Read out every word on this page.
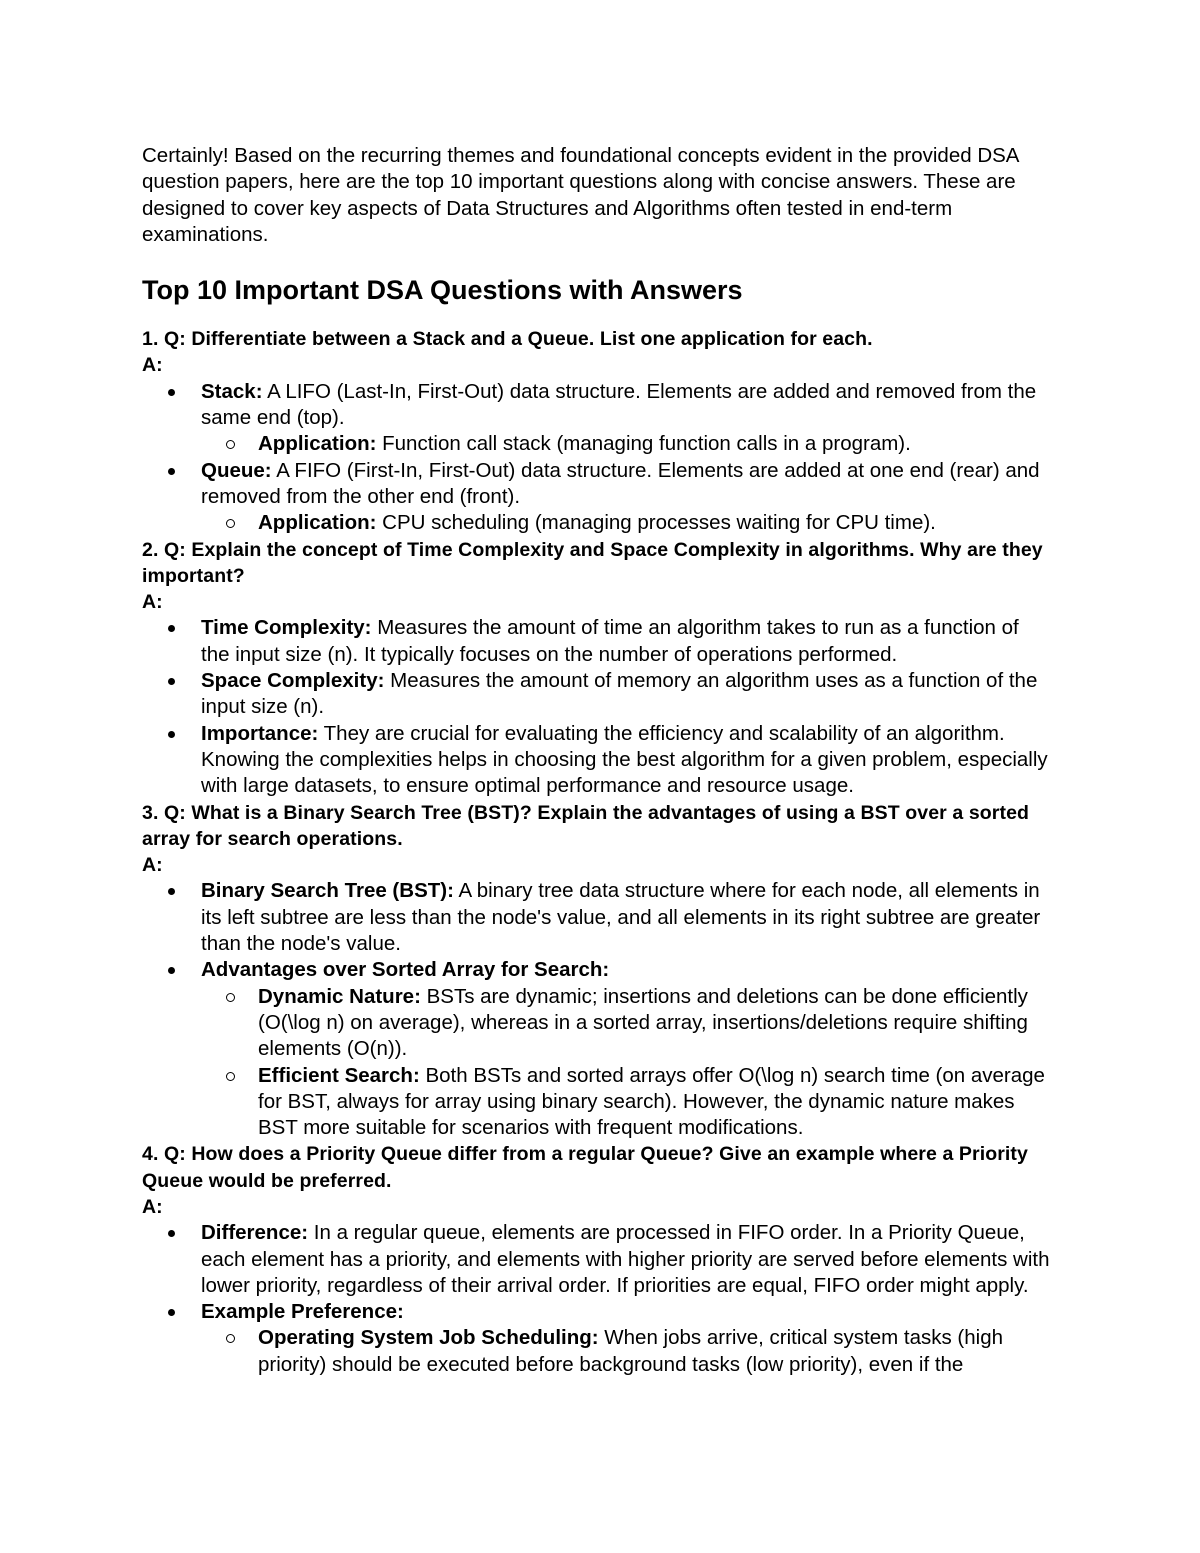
Certainly! Based on the recurring themes and foundational concepts evident in the provided DSA question papers, here are the top 10 important questions along with concise answers. These are designed to cover key aspects of Data Structures and Algorithms often tested in end-term examinations.

Top 10 Important DSA Questions with Answers

1. Q: Differentiate between a Stack and a Queue. List one application for each.

A:

Stack: A LIFO (Last-In, First-Out) data structure. Elements are added and removed from the same end (top).
Application: Function call stack (managing function calls in a program).
Queue: A FIFO (First-In, First-Out) data structure. Elements are added at one end (rear) and removed from the other end (front).
Application: CPU scheduling (managing processes waiting for CPU time).

2. Q: Explain the concept of Time Complexity and Space Complexity in algorithms. Why are they important?

A:

Time Complexity: Measures the amount of time an algorithm takes to run as a function of the input size (n). It typically focuses on the number of operations performed.
Space Complexity: Measures the amount of memory an algorithm uses as a function of the input size (n).
Importance: They are crucial for evaluating the efficiency and scalability of an algorithm. Knowing the complexities helps in choosing the best algorithm for a given problem, especially with large datasets, to ensure optimal performance and resource usage.

3. Q: What is a Binary Search Tree (BST)? Explain the advantages of using a BST over a sorted array for search operations.

A:

Binary Search Tree (BST): A binary tree data structure where for each node, all elements in its left subtree are less than the node's value, and all elements in its right subtree are greater than the node's value.
Advantages over Sorted Array for Search:
Dynamic Nature: BSTs are dynamic; insertions and deletions can be done efficiently (O(\log n) on average), whereas in a sorted array, insertions/deletions require shifting elements (O(n)).
Efficient Search: Both BSTs and sorted arrays offer O(\log n) search time (on average for BST, always for array using binary search). However, the dynamic nature makes BST more suitable for scenarios with frequent modifications.

4. Q: How does a Priority Queue differ from a regular Queue? Give an example where a Priority Queue would be preferred.

A:

Difference: In a regular queue, elements are processed in FIFO order. In a Priority Queue, each element has a priority, and elements with higher priority are served before elements with lower priority, regardless of their arrival order. If priorities are equal, FIFO order might apply.
Example Preference:
Operating System Job Scheduling: When jobs arrive, critical system tasks (high priority) should be executed before background tasks (low priority), even if the
